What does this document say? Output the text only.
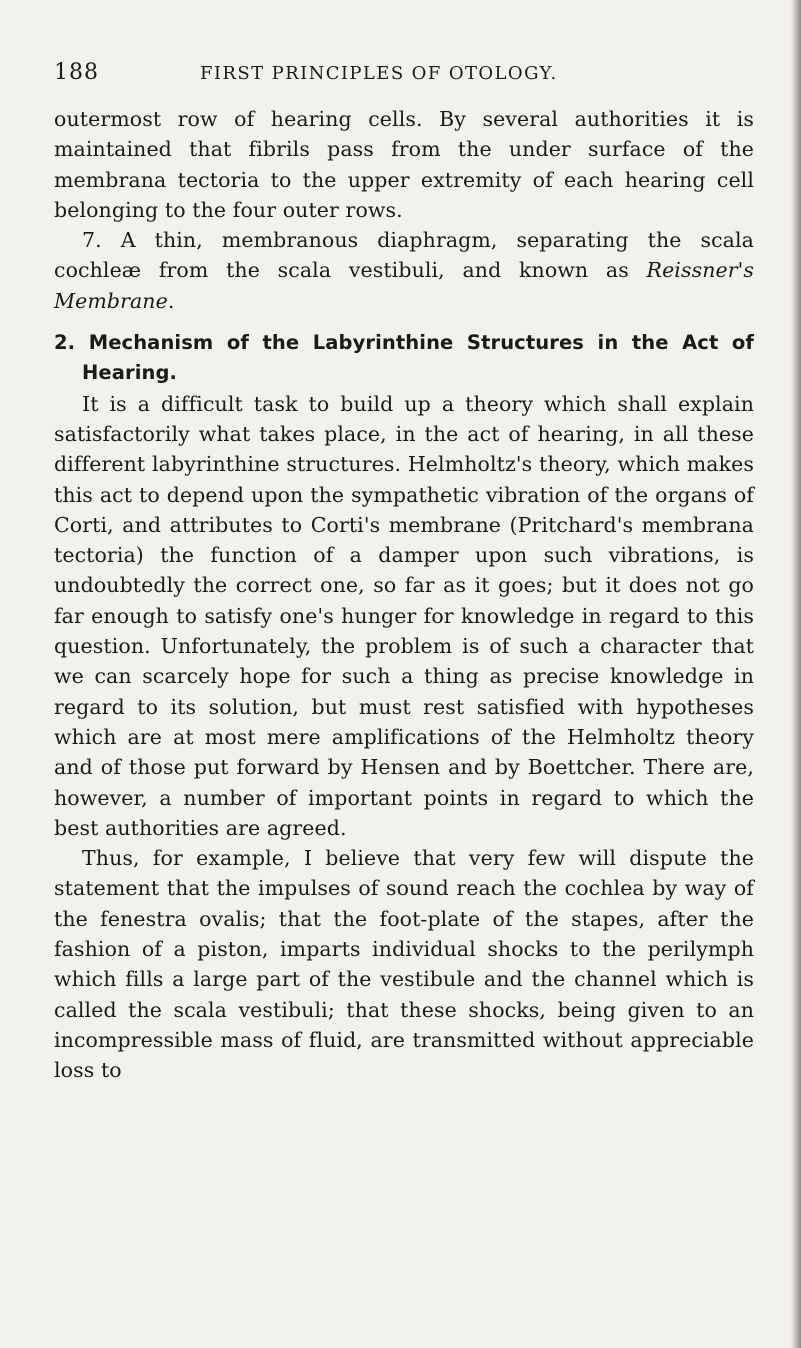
188	FIRST PRINCIPLES OF OTOLOGY.

outermost row of hearing cells. By several authorities it is maintained that fibrils pass from the under surface of the membrana tectoria to the upper extremity of each hearing cell belonging to the four outer rows.

7. A thin, membranous diaphragm, separating the scala cochleæ from the scala vestibuli, and known as Reissner's Membrane.

2. Mechanism of the Labyrinthine Structures in the Act of Hearing.

It is a difficult task to build up a theory which shall explain satisfactorily what takes place, in the act of hearing, in all these different labyrinthine structures. Helmholtz's theory, which makes this act to depend upon the sympathetic vibration of the organs of Corti, and attributes to Corti's membrane (Pritchard's membrana tectoria) the function of a damper upon such vibrations, is undoubtedly the correct one, so far as it goes; but it does not go far enough to satisfy one's hunger for knowledge in regard to this question. Unfortunately, the problem is of such a character that we can scarcely hope for such a thing as precise knowledge in regard to its solution, but must rest satisfied with hypotheses which are at most mere amplifications of the Helmholtz theory and of those put forward by Hensen and by Boettcher. There are, however, a number of important points in regard to which the best authorities are agreed.

Thus, for example, I believe that very few will dispute the statement that the impulses of sound reach the cochlea by way of the fenestra ovalis; that the foot-plate of the stapes, after the fashion of a piston, imparts individual shocks to the perilymph which fills a large part of the vestibule and the channel which is called the scala vestibuli; that these shocks, being given to an incompressible mass of fluid, are transmitted without appreciable loss to
